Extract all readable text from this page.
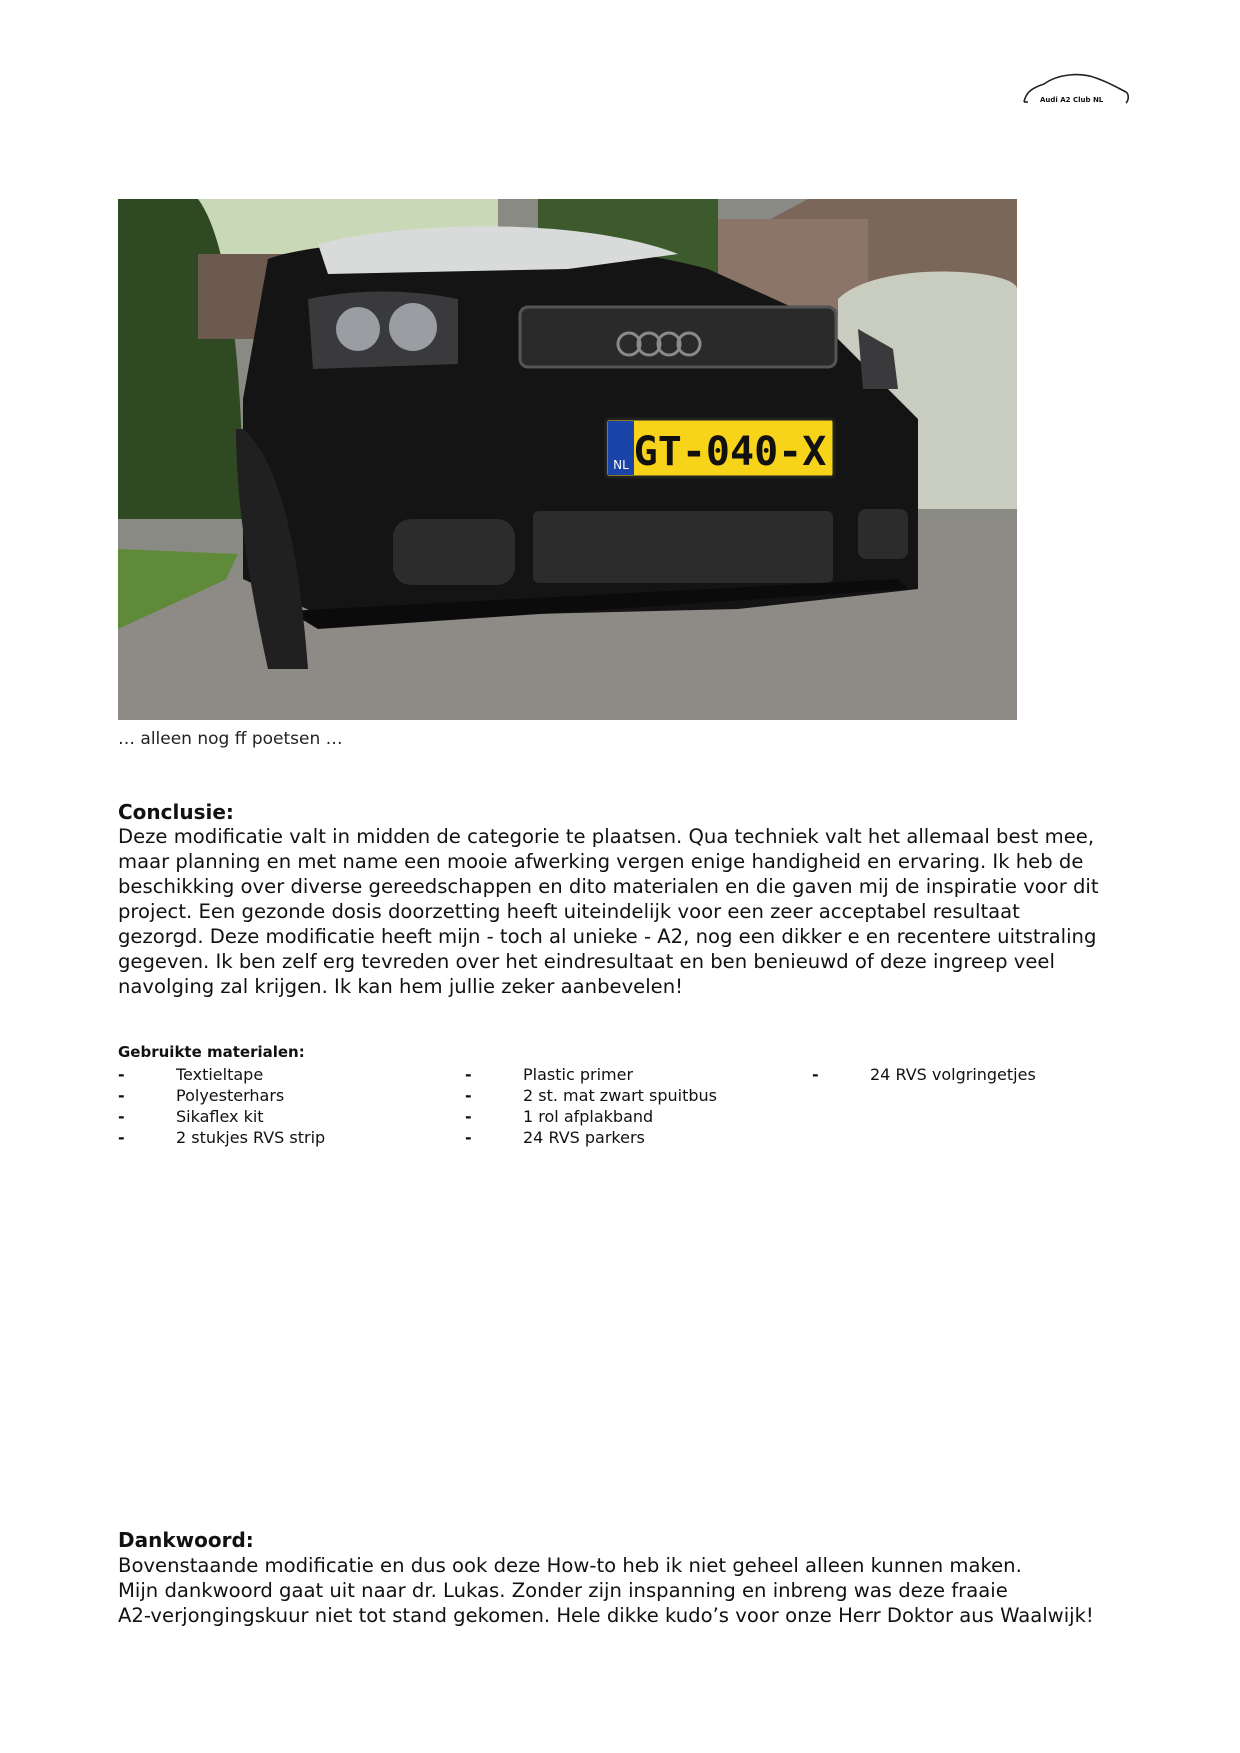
Audi A2 Club NL
NL GT-040-X
… alleen nog ff poetsen …
Conclusie:
Deze modificatie valt in midden de categorie te plaatsen. Qua techniek valt het allemaal best mee,
maar planning en met name een mooie afwerking vergen enige handigheid en ervaring. Ik heb de
beschikking over diverse gereedschappen en dito materialen en die gaven mij de inspiratie voor dit
project. Een gezonde dosis doorzetting heeft uiteindelijk voor een zeer acceptabel resultaat
gezorgd. Deze modificatie heeft mijn - toch al unieke - A2, nog een dikker e en recentere uitstraling
gegeven. Ik ben zelf erg tevreden over het eindresultaat en ben benieuwd of deze ingreep veel
navolging zal krijgen. Ik kan hem jullie zeker aanbevelen!
Gebruikte materialen:
-	Textieltape
-	Polyesterhars
-	Sikaflex kit
-	2 stukjes RVS strip
-	Plastic primer
-	2 st. mat zwart spuitbus
-	1 rol afplakband
-	24 RVS parkers
-	24 RVS volgringetjes
Dankwoord:
Bovenstaande modificatie en dus ook deze How-to heb ik niet geheel alleen kunnen maken.
Mijn dankwoord gaat uit naar dr. Lukas. Zonder zijn inspanning en inbreng was deze fraaie
A2-verjongingskuur niet tot stand gekomen. Hele dikke kudo’s voor onze Herr Doktor aus Waalwijk!
